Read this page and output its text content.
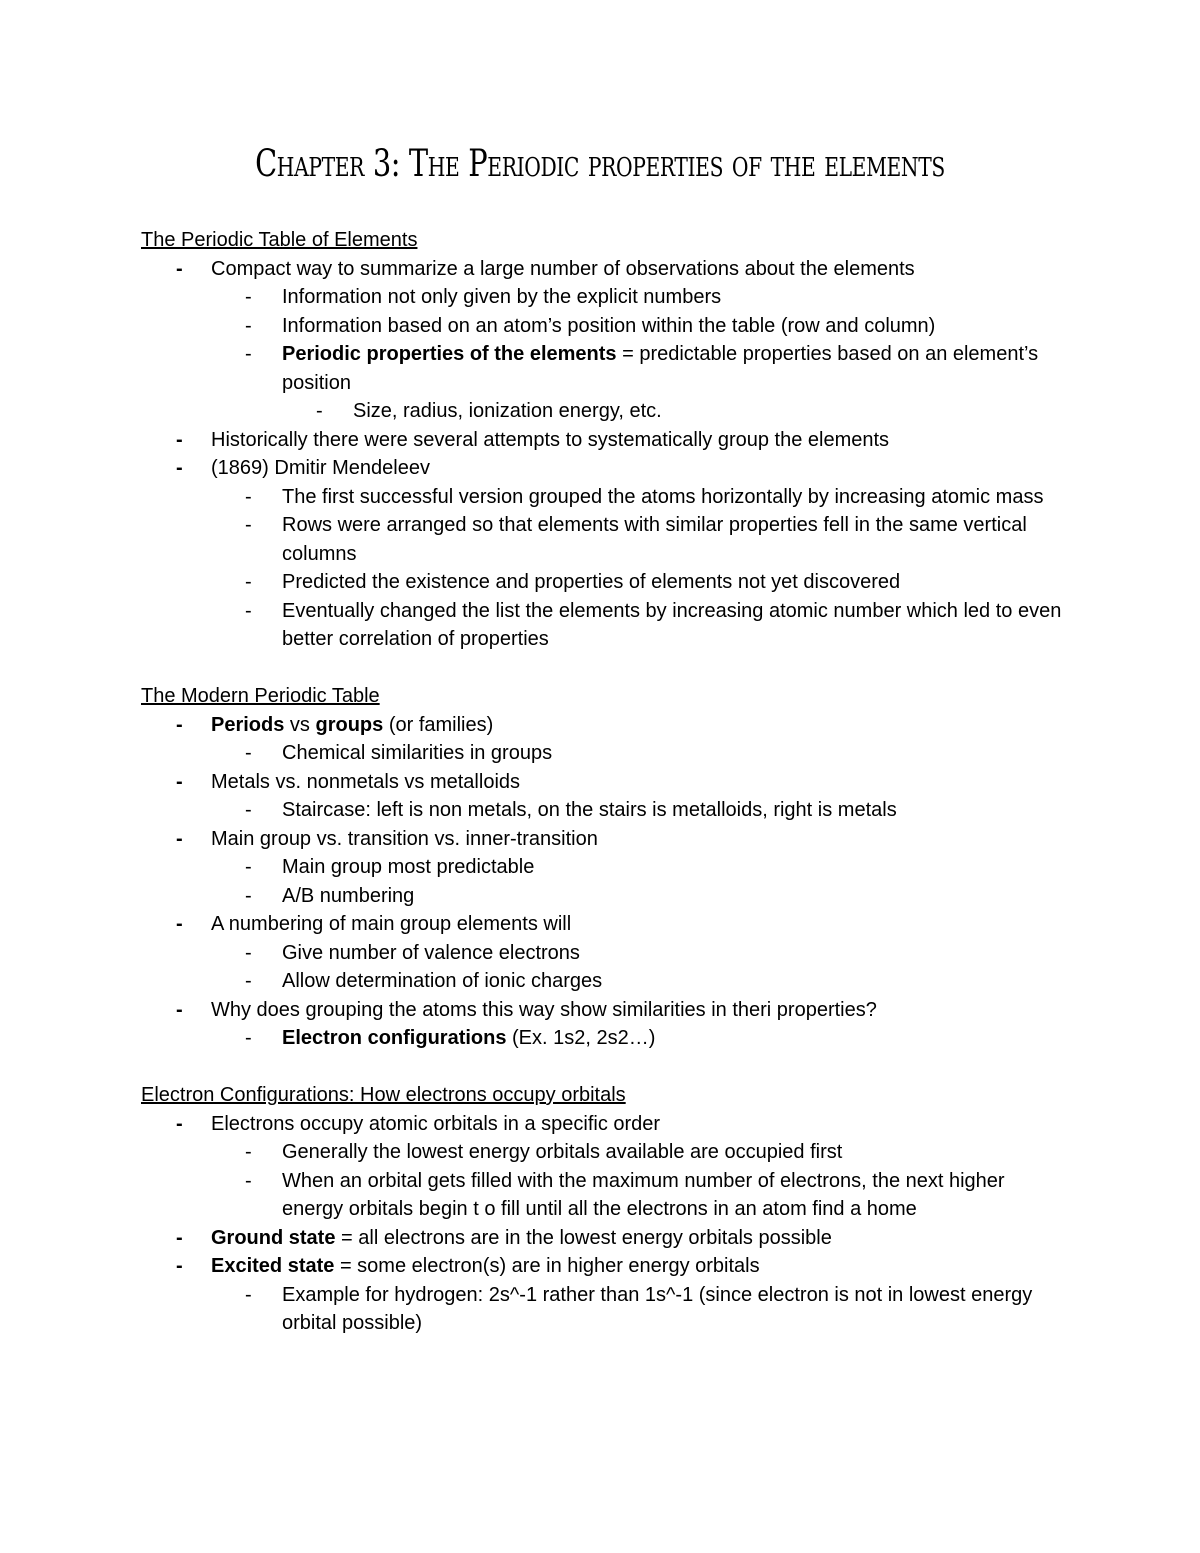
Chapter 3: The Periodic properties of the elements
The Periodic Table of Elements
- Compact way to summarize a large number of observations about the elements
- Information not only given by the explicit numbers
- Information based on an atom’s position within the table (row and column)
- Periodic properties of the elements = predictable properties based on an element’s position
- Size, radius, ionization energy, etc.
- Historically there were several attempts to systematically group the elements
- (1869) Dmitir Mendeleev
- The first successful version grouped the atoms horizontally by increasing atomic mass
- Rows were arranged so that elements with similar properties fell in the same vertical columns
- Predicted the existence and properties of elements not yet discovered
- Eventually changed the list the elements by increasing atomic number which led to even better correlation of properties
The Modern Periodic Table
- Periods vs groups (or families)
- Chemical similarities in groups
- Metals vs. nonmetals vs metalloids
- Staircase: left is non metals, on the stairs is metalloids, right is metals
- Main group vs. transition vs. inner-transition
- Main group most predictable
- A/B numbering
- A numbering of main group elements will
- Give number of valence electrons
- Allow determination of ionic charges
- Why does grouping the atoms this way show similarities in theri properties?
- Electron configurations (Ex. 1s2, 2s2…)
Electron Configurations: How electrons occupy orbitals
- Electrons occupy atomic orbitals in a specific order
- Generally the lowest energy orbitals available are occupied first
- When an orbital gets filled with the maximum number of electrons, the next higher energy orbitals begin t o fill until all the electrons in an atom find a home
- Ground state = all electrons are in the lowest energy orbitals possible
- Excited state = some electron(s) are in higher energy orbitals
- Example for hydrogen: 2s^-1 rather than 1s^-1 (since electron is not in lowest energy orbital possible)
